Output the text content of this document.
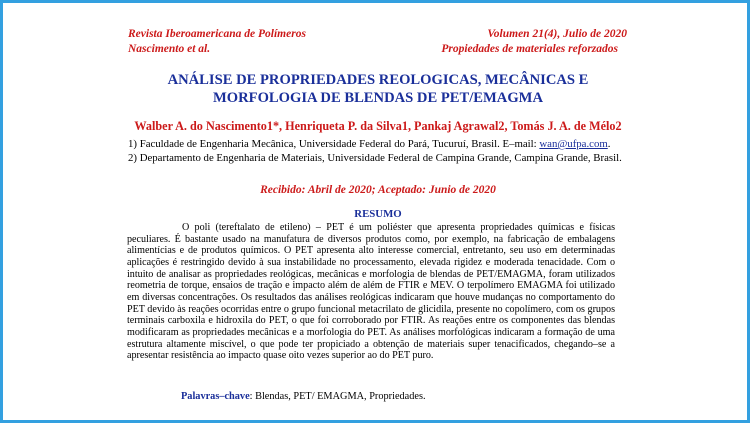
Revista Iberoamericana de Polímeros
Nascimento et al.
Volumen 21(4), Julio de 2020
Propiedades de materiales reforzados
ANÁLISE DE PROPRIEDADES REOLOGICAS, MECÂNICAS E
MORFOLOGIA DE BLENDAS DE PET/EMAGMA
Walber A. do Nascimento1*, Henriqueta P. da Silva1, Pankaj Agrawal2, Tomás J. A. de Mélo2
1) Faculdade de Engenharia Mecânica, Universidade Federal do Pará, Tucuruí, Brasil. E–mail: wan@ufpa.com.
2) Departamento de Engenharia de Materiais, Universidade Federal de Campina Grande, Campina Grande, Brasil.
Recibido: Abril de 2020; Aceptado: Junio de 2020
RESUMO

O poli (tereftalato de etileno) – PET é um poliéster que apresenta propriedades químicas e físicas peculiares. É bastante usado na manufatura de diversos produtos como, por exemplo, na fabricação de embalagens alimentícias e de produtos químicos. O PET apresenta alto interesse comercial, entretanto, seu uso em determinadas aplicações é restringido devido à sua instabilidade no processamento, elevada rigidez e moderada tenacidade. Com o intuito de analisar as propriedades reológicas, mecânicas e morfologia de blendas de PET/EMAGMA, foram utilizados reometria de torque, ensaios de tração e impacto além de além de FTIR e MEV. O terpolímero EMAGMA foi utilizado em diversas concentrações. Os resultados das análises reológicas indicaram que houve mudanças no comportamento do PET devido às reações ocorridas entre o grupo funcional metacrilato de glicidila, presente no copolímero, com os grupos terminais carboxila e hidroxila do PET, o que foi corroborado por FTIR. As reações entre os componentes das blendas modificaram as propriedades mecânicas e a morfologia do PET. As análises morfológicas indicaram a formação de uma estrutura altamente miscível, o que pode ter propiciado a obtenção de materiais super tenacificados, chegando–se a apresentar resistência ao impacto quase oito vezes superior ao do PET puro.

Palavras–chave: Blendas, PET/ EMAGMA, Propriedades.
